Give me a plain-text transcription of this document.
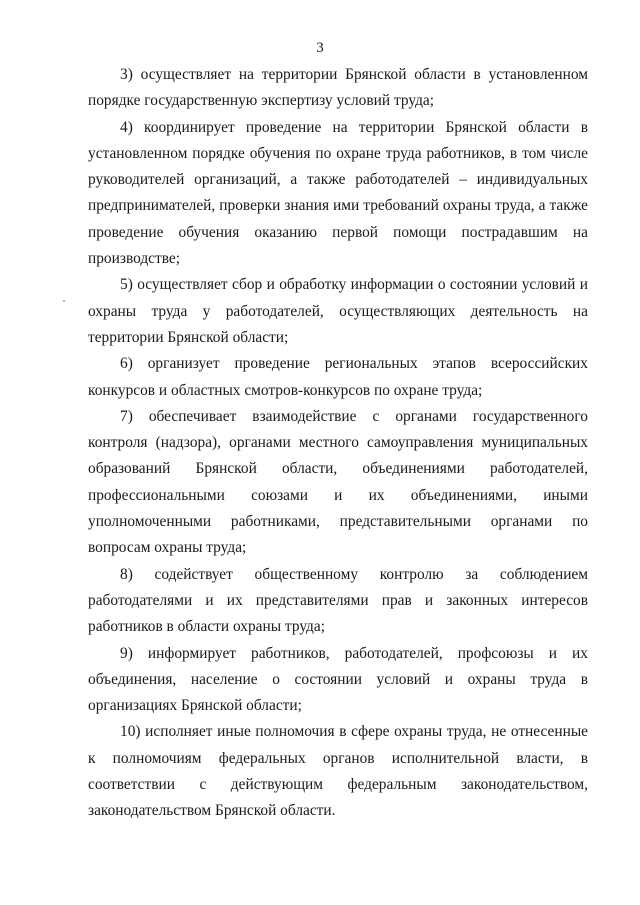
3

3) осуществляет на территории Брянской области в установленном порядке государственную экспертизу условий труда;

4) координирует проведение на территории Брянской области в установленном порядке обучения по охране труда работников, в том числе руководителей организаций, а также работодателей – индивидуальных предпринимателей, проверки знания ими требований охраны труда, а также проведение обучения оказанию первой помощи пострадавшим на производстве;

5) осуществляет сбор и обработку информации о состоянии условий и охраны труда у работодателей, осуществляющих деятельность на территории Брянской области;

6) организует проведение региональных этапов всероссийских конкурсов и областных смотров-конкурсов по охране труда;

7) обеспечивает взаимодействие с органами государственного контроля (надзора), органами местного самоуправления муниципальных образований Брянской области, объединениями работодателей, профессиональными союзами и их объединениями, иными уполномоченными работниками, представительными органами по вопросам охраны труда;

8) содействует общественному контролю за соблюдением работодателями и их представителями прав и законных интересов работников в области охраны труда;

9) информирует работников, работодателей, профсоюзы и их объединения, население о состоянии условий и охраны труда в организациях Брянской области;

10) исполняет иные полномочия в сфере охраны труда, не отнесенные к полномочиям федеральных органов исполнительной власти, в соответствии с действующим федеральным законодательством, законодательством Брянской области.
